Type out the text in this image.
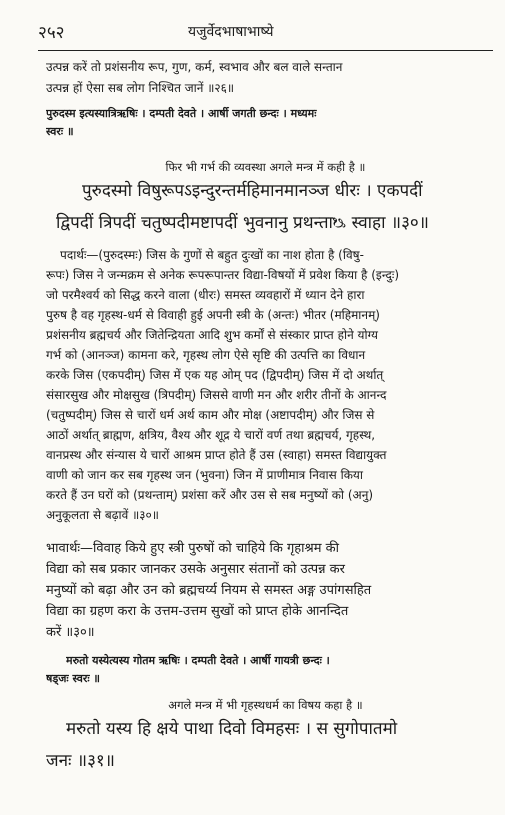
२५२	यजुर्वेदभाषाभाष्ये
उत्पन्न करें तो प्रशंसनीय रूप, गुण, कर्म, स्वभाव और बल वाले सन्तान
उत्पन्न हों ऐसा सब लोग निश्चित जानें ॥२६॥
पुरुदस्म इत्यस्यात्रिऋषिः । दम्पती देवते । आर्षी जगती छन्दः । मध्यमः
स्वरः ॥
फिर भी गर्भ की व्यवस्था अगले मन्त्र में कही है ॥
पुरुदस्मो विषुरूपऽइन्दुरन्तर्महिमानमानञ्ज धीरः । एकपदीं
द्विपदीं त्रिपदीं चतुष्पदीमष्टापदीं भुवनानु प्रथन्ताᳬ स्वाहा ॥३०॥
पदार्थः—(पुरुदस्मः) जिस के गुणों से बहुत दुःखों का नाश होता है (विषु-
रूपः) जिस ने जन्मक्रम से अनेक रूपरूपान्तर विद्या-विषयों में प्रवेश किया है (इन्दुः)
जो परमैश्वर्य को सिद्ध करने वाला (धीरः) समस्त व्यवहारों में ध्यान देने हारा
पुरुष है वह गृहस्थ-धर्म से विवाही हुई अपनी स्त्री के (अन्तः) भीतर (महिमानम्)
प्रशंसनीय ब्रह्मचर्य और जितेन्द्रियता आदि शुभ कर्मों से संस्कार प्राप्त होने योग्य
गर्भ को (आनञ्ज) कामना करे, गृहस्थ लोग ऐसे सृष्टि की उत्पत्ति का विधान
करके जिस (एकपदीम्) जिस में एक यह ओम् पद (द्विपदीम्) जिस में दो अर्थात्
संसारसुख और मोक्षसुख (त्रिपदीम्) जिससे वाणी मन और शरीर तीनों के आनन्द
(चतुष्पदीम्) जिस से चारों धर्म अर्थ काम और मोक्ष (अष्टापदीम्) और जिस से
आठों अर्थात् ब्राह्मण, क्षत्रिय, वैश्य और शूद्र ये चारों वर्ण तथा ब्रह्मचर्य, गृहस्थ,
वानप्रस्थ और संन्यास ये चारों आश्रम प्राप्त होते हैं उस (स्वाहा) समस्त विद्यायुक्त
वाणी को जान कर सब गृहस्थ जन (भुवना) जिन में प्राणीमात्र निवास किया
करते हैं उन घरों को (प्रथन्ताम्) प्रशंसा करें और उस से सब मनुष्यों को (अनु)
अनुकूलता से बढ़ावें ॥३०॥
भावार्थः—विवाह किये हुए स्त्री पुरुषों को चाहिये कि गृहाश्रम की
विद्या को सब प्रकार जानकर उसके अनुसार संतानों को उत्पन्न कर
मनुष्यों को बढ़ा और उन को ब्रह्मचर्य्य नियम से समस्त अङ्ग उपांगसहित
विद्या का ग्रहण करा के उत्तम-उत्तम सुखों को प्राप्त होके आनन्दित
करें ॥३०॥
मरुतो यस्येत्यस्य गोतम ऋषिः । दम्पती देवते । आर्षी गायत्री छन्दः ।
षड्जः स्वरः ॥
अगले मन्त्र में भी गृहस्थधर्म का विषय कहा है ॥
मरुतो यस्य हि क्षये पाथा दिवो विमहसः । स सुगोपातमो
जनः ॥३१॥
